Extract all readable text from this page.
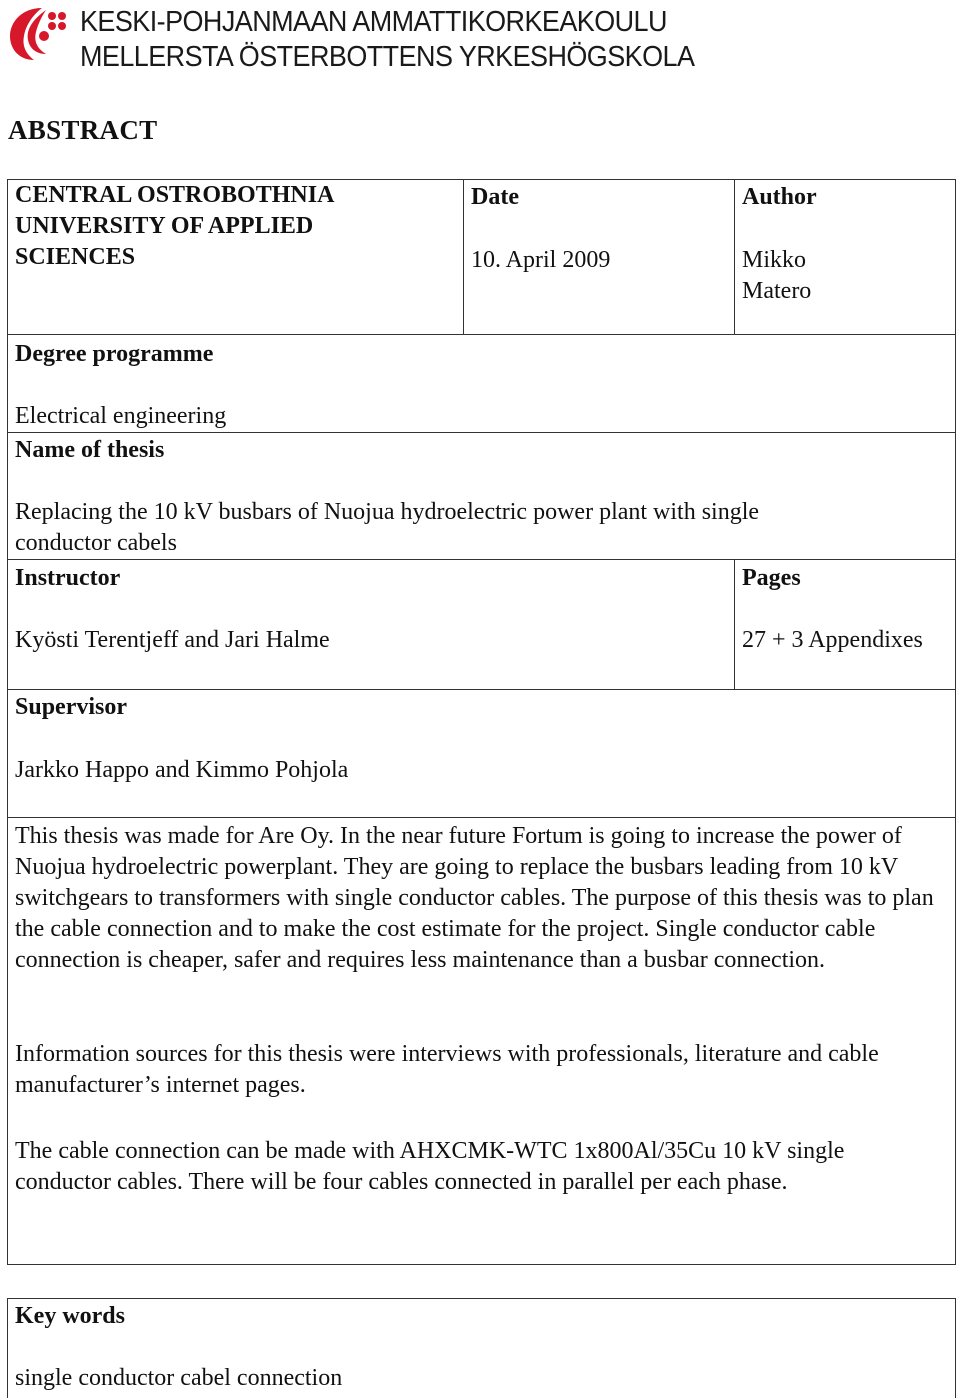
KESKI-POHJANMAAN AMMATTIKORKEAKOULU
MELLERSTA ÖSTERBOTTENS YRKESHÖGSKOLA
ABSTRACT
CENTRAL OSTROBOTHNIA
UNIVERSITY OF APPLIED
SCIENCES
Date
10. April 2009
Author
Mikko
Matero
Degree programme
Electrical engineering
Name of thesis
Replacing the 10 kV busbars of Nuojua hydroelectric power plant with single
conductor cabels
Instructor
Kyösti Terentjeff and Jari Halme
Pages
27 + 3 Appendixes
Supervisor
Jarkko Happo and Kimmo Pohjola
This thesis was made for Are Oy. In the near future Fortum is going to increase the power of Nuojua hydroelectric powerplant. They are going to replace the busbars leading from 10 kV switchgears to transformers with single conductor cables. The purpose of this thesis was to plan the cable connection and to make the cost estimate for the project. Single conductor cable connection is cheaper, safer and requires less maintenance than a busbar connection.
Information sources for this thesis were interviews with professionals, literature and cable manufacturer’s internet pages.
The cable connection can be made with AHXCMK-WTC 1x800Al/35Cu 10 kV single conductor cables. There will be four cables connected in parallel per each phase.
Key words
single conductor cabel connection
